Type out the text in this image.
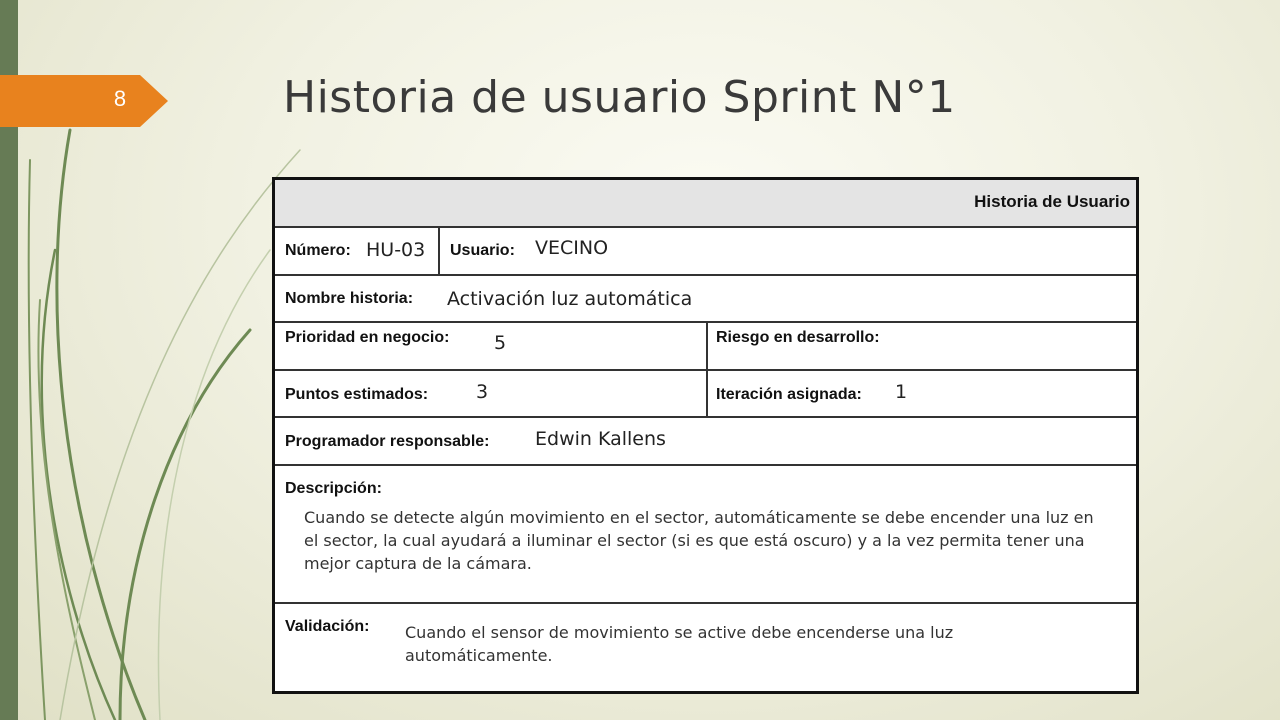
8	Historia de usuario Sprint N°1
Historia de Usuario
Número: HU-03 Usuario: VECINO
Nombre historia: Activación luz automática
Prioridad en negocio: 5	Riesgo en desarrollo:
Puntos estimados:	3	Iteración asignada: 1
Programador responsable: Edwin Kallens
Descripción:
Cuando se detecte algún movimiento en el sector, automáticamente se debe encender una luz en el sector, la cual ayudará a iluminar el sector (si es que está oscuro) y a la vez permita tener una mejor captura de la cámara.
Validación: Cuando el sensor de movimiento se active debe encenderse una luz automáticamente.
